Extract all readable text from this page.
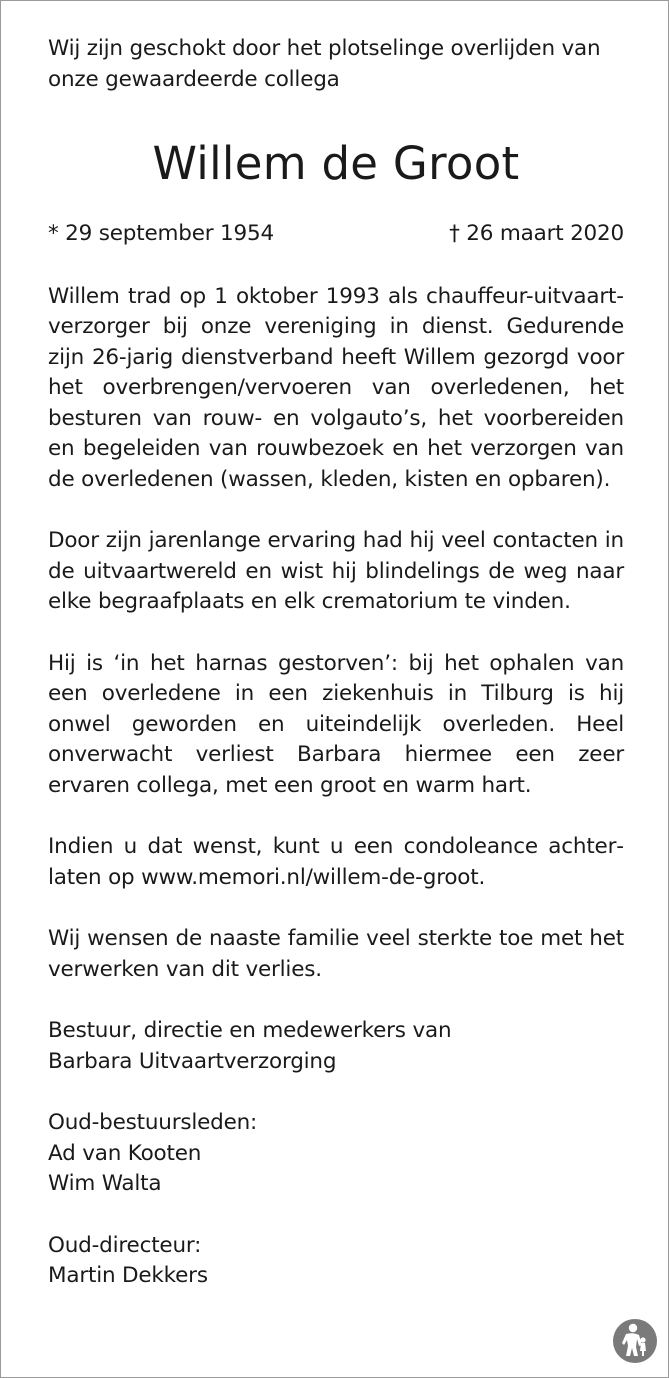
Wij zijn geschokt door het plotselinge overlijden van onze gewaardeerde collega

Willem de Groot
* 29 september 1954	† 26 maart 2020

Willem trad op 1 oktober 1993 als chauffeur-uitvaartverzorger bij onze vereniging in dienst. Gedurende zijn 26-jarig dienstverband heeft Willem gezorgd voor het overbrengen/vervoeren van overledenen, het besturen van rouw- en volgauto’s, het voorbereiden en begeleiden van rouwbezoek en het verzorgen van de overledenen (wassen, kleden, kisten en opbaren).

Door zijn jarenlange ervaring had hij veel contacten in de uitvaartwereld en wist hij blindelings de weg naar elke begraafplaats en elk crematorium te vinden.

Hij is ‘in het harnas gestorven’: bij het ophalen van een overledene in een ziekenhuis in Tilburg is hij onwel geworden en uiteindelijk overleden. Heel onverwacht verliest Barbara hiermee een zeer ervaren collega, met een groot en warm hart.

Indien u dat wenst, kunt u een condoleance achterlaten op www.memori.nl/willem-de-groot.

Wij wensen de naaste familie veel sterkte toe met het verwerken van dit verlies.

Bestuur, directie en medewerkers van
Barbara Uitvaartverzorging
Oud-bestuursleden:
Ad van Kooten
Wim Walta
Oud-directeur:
Martin Dekkers
